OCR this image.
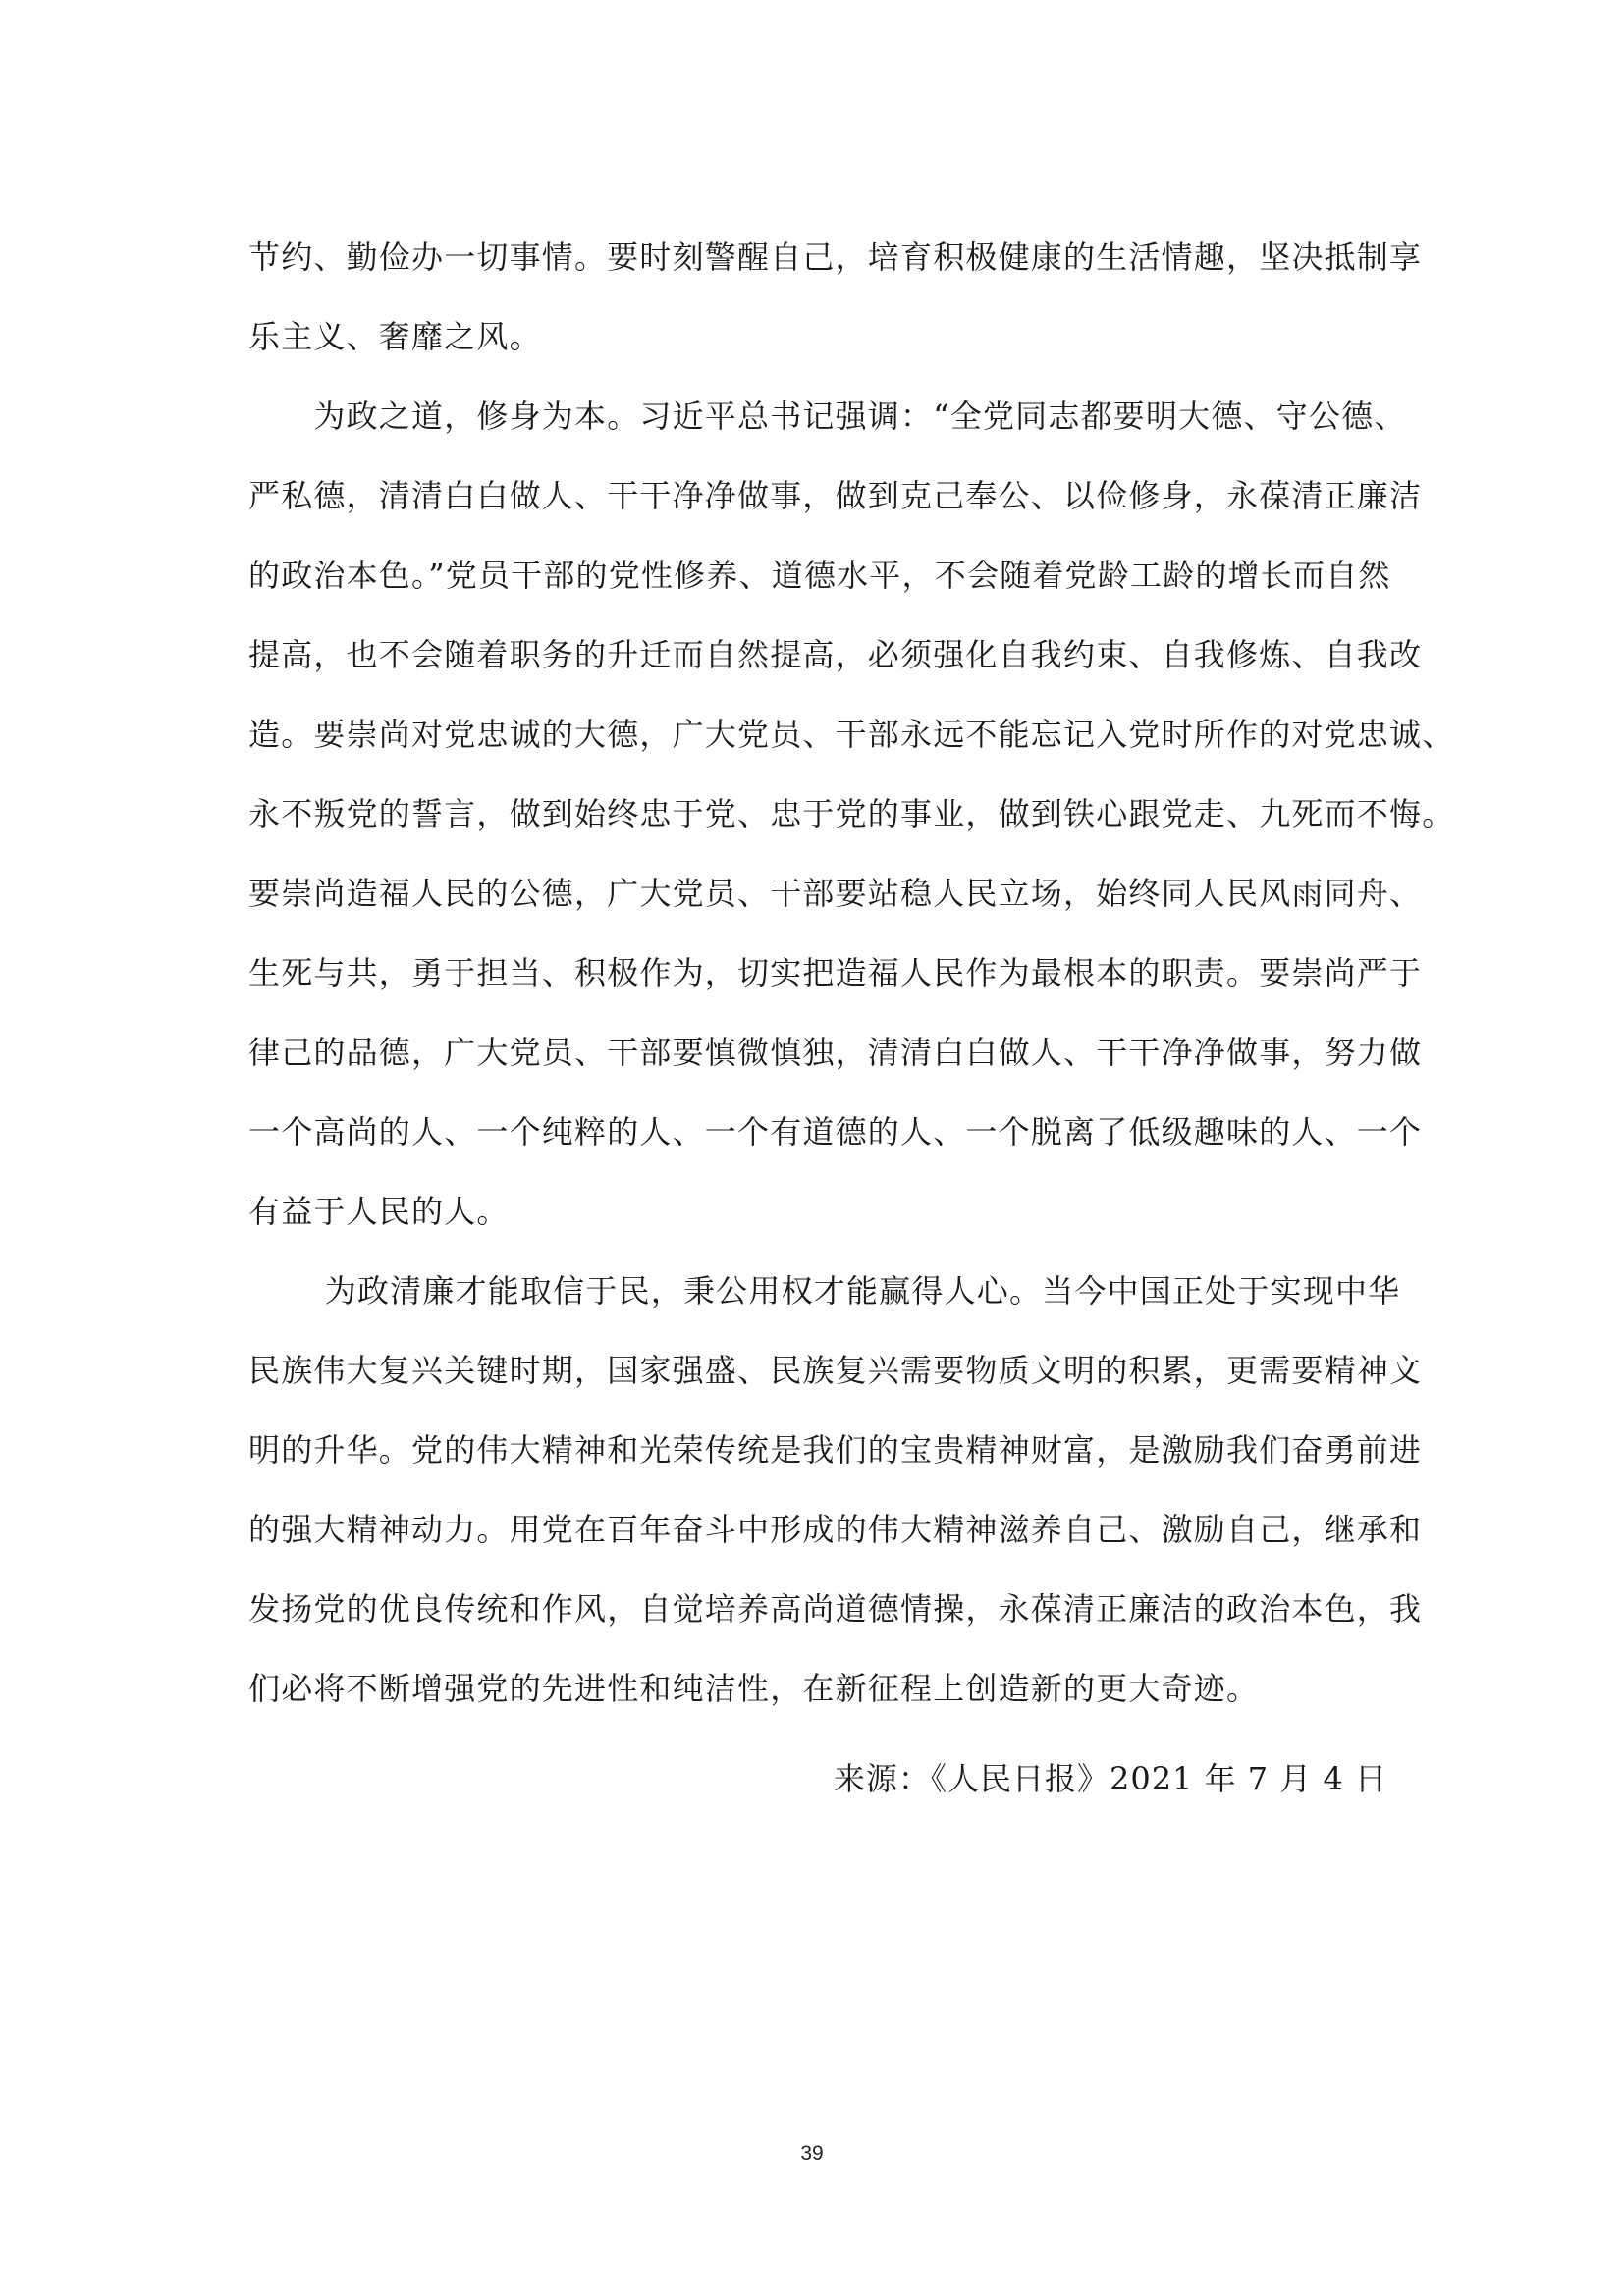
节约、勤俭办一切事情。要时刻警醒自己，培育积极健康的生活情趣，坚决抵制享
乐主义、奢靡之风。

　　为政之道，修身为本。习近平总书记强调：“全党同志都要明大德、守公德、
严私德，清清白白做人、干干净净做事，做到克己奉公、以俭修身，永葆清正廉洁
的政治本色。”党员干部的党性修养、道德水平，不会随着党龄工龄的增长而自然
提高，也不会随着职务的升迁而自然提高，必须强化自我约束、自我修炼、自我改
造。要崇尚对党忠诚的大德，广大党员、干部永远不能忘记入党时所作的对党忠诚、
永不叛党的誓言，做到始终忠于党、忠于党的事业，做到铁心跟党走、九死而不悔。
要崇尚造福人民的公德，广大党员、干部要站稳人民立场，始终同人民风雨同舟、
生死与共，勇于担当、积极作为，切实把造福人民作为最根本的职责。要崇尚严于
律己的品德，广大党员、干部要慎微慎独，清清白白做人、干干净净做事，努力做
一个高尚的人、一个纯粹的人、一个有道德的人、一个脱离了低级趣味的人、一个
有益于人民的人。

　　 为政清廉才能取信于民，秉公用权才能赢得人心。当今中国正处于实现中华
民族伟大复兴关键时期，国家强盛、民族复兴需要物质文明的积累，更需要精神文
明的升华。党的伟大精神和光荣传统是我们的宝贵精神财富，是激励我们奋勇前进
的强大精神动力。用党在百年奋斗中形成的伟大精神滋养自己、激励自己，继承和
发扬党的优良传统和作风，自觉培养高尚道德情操，永葆清正廉洁的政治本色，我
们必将不断增强党的先进性和纯洁性，在新征程上创造新的更大奇迹。

来源：《人民日报》2021 年 7 月 4 日
39
